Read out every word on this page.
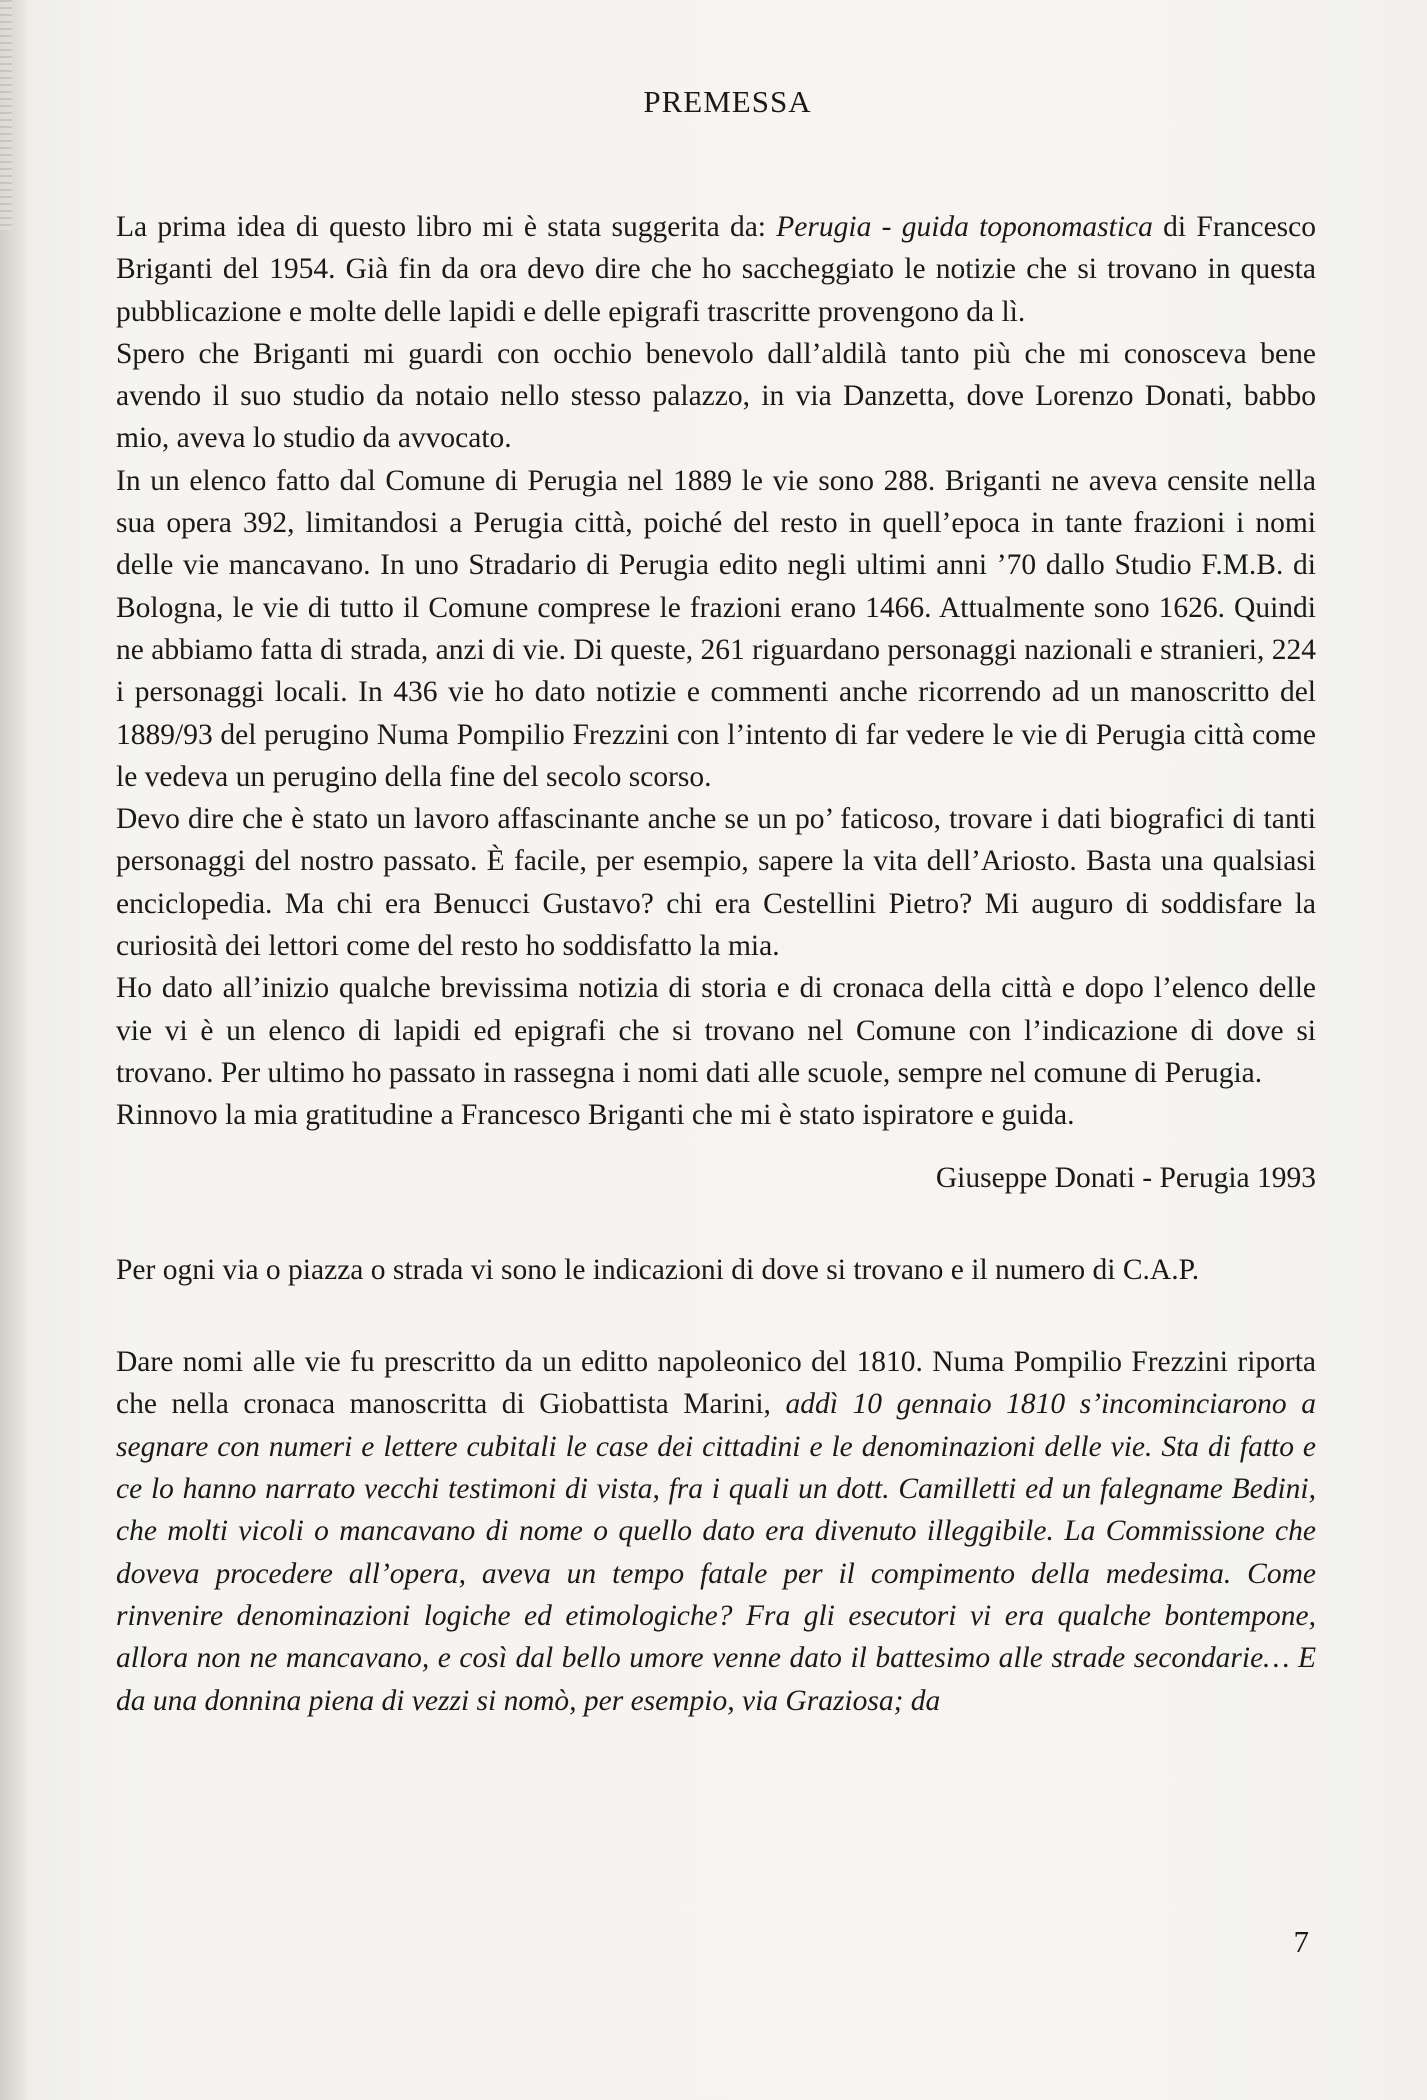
PREMESSA

La prima idea di questo libro mi è stata suggerita da: Perugia - guida toponomastica di Francesco Briganti del 1954. Già fin da ora devo dire che ho saccheggiato le notizie che si trovano in questa pubblicazione e molte delle lapidi e delle epigrafi trascritte provengono da lì.

Spero che Briganti mi guardi con occhio benevolo dall’aldilà tanto più che mi conosceva bene avendo il suo studio da notaio nello stesso palazzo, in via Danzetta, dove Lorenzo Donati, babbo mio, aveva lo studio da avvocato.

In un elenco fatto dal Comune di Perugia nel 1889 le vie sono 288. Briganti ne aveva censite nella sua opera 392, limitandosi a Perugia città, poiché del resto in quell’epoca in tante frazioni i nomi delle vie mancavano. In uno Stradario di Perugia edito negli ultimi anni ’70 dallo Studio F.M.B. di Bologna, le vie di tutto il Comune comprese le frazioni erano 1466. Attualmente sono 1626. Quindi ne abbiamo fatta di strada, anzi di vie. Di queste, 261 riguardano personaggi nazionali e stranieri, 224 i personaggi locali. In 436 vie ho dato notizie e commenti anche ricorrendo ad un manoscritto del 1889/93 del perugino Numa Pompilio Frezzini con l’intento di far vedere le vie di Perugia città come le vedeva un perugino della fine del secolo scorso.

Devo dire che è stato un lavoro affascinante anche se un po’ faticoso, trovare i dati biografici di tanti personaggi del nostro passato. È facile, per esempio, sapere la vita dell’Ariosto. Basta una qualsiasi enciclopedia. Ma chi era Benucci Gustavo? chi era Cestellini Pietro? Mi auguro di soddisfare la curiosità dei lettori come del resto ho soddisfatto la mia.

Ho dato all’inizio qualche brevissima notizia di storia e di cronaca della città e dopo l’elenco delle vie vi è un elenco di lapidi ed epigrafi che si trovano nel Comune con l’indicazione di dove si trovano. Per ultimo ho passato in rassegna i nomi dati alle scuole, sempre nel comune di Perugia.

Rinnovo la mia gratitudine a Francesco Briganti che mi è stato ispiratore e guida.

Giuseppe Donati - Perugia 1993

Per ogni via o piazza o strada vi sono le indicazioni di dove si trovano e il numero di C.A.P.

Dare nomi alle vie fu prescritto da un editto napoleonico del 1810. Numa Pompilio Frezzini riporta che nella cronaca manoscritta di Giobattista Marini, addì 10 gennaio 1810 s’incominciarono a segnare con numeri e lettere cubitali le case dei cittadini e le denominazioni delle vie. Sta di fatto e ce lo hanno narrato vecchi testimoni di vista, fra i quali un dott. Camilletti ed un falegname Bedini, che molti vicoli o mancavano di nome o quello dato era divenuto illeggibile. La Commissione che doveva procedere all’opera, aveva un tempo fatale per il compimento della medesima. Come rinvenire denominazioni logiche ed etimologiche? Fra gli esecutori vi era qualche bontempone, allora non ne mancavano, e così dal bello umore venne dato il battesimo alle strade secondarie… E da una donnina piena di vezzi si nomò, per esempio, via Graziosa; da

7
